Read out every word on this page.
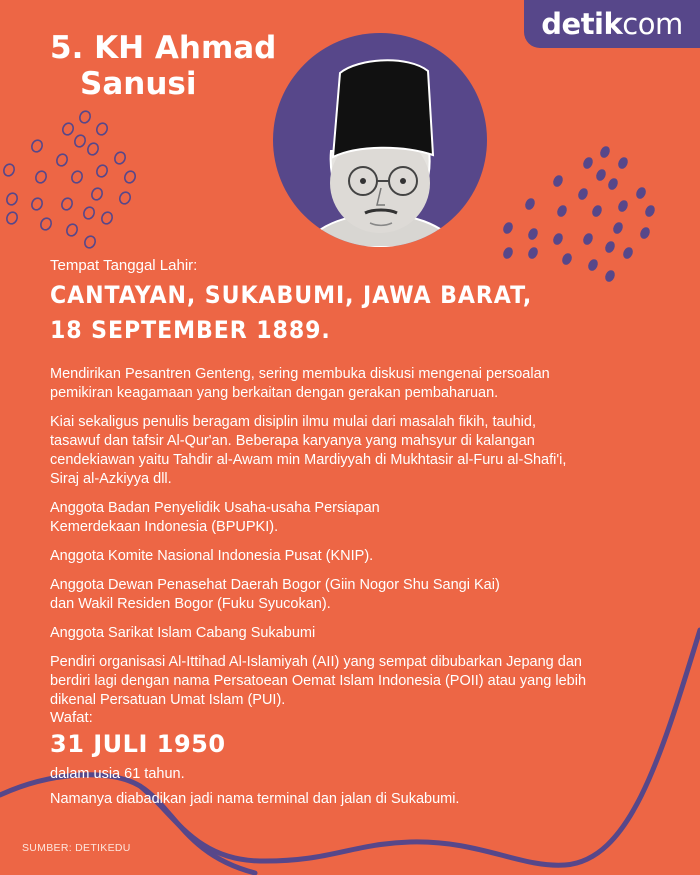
detik com
5. KH Ahmad
Sanusi
Tempat Tanggal Lahir:
CANTAYAN, SUKABUMI, JAWA BARAT,
18 SEPTEMBER 1889.

Mendirikan Pesantren Genteng, sering membuka diskusi mengenai persoalan
pemikiran keagamaan yang berkaitan dengan gerakan pembaharuan.

Kiai sekaligus penulis beragam disiplin ilmu mulai dari masalah fikih, tauhid,
tasawuf dan tafsir Al-Qur'an. Beberapa karyanya yang mahsyur di kalangan
cendekiawan yaitu Tahdir al-Awam min Mardiyyah di Mukhtasir al-Furu al-Shafi'i,
Siraj al-Azkiyya dll.

Anggota Badan Penyelidik Usaha-usaha Persiapan
Kemerdekaan Indonesia (BPUPKI).

Anggota Komite Nasional Indonesia Pusat (KNIP).

Anggota Dewan Penasehat Daerah Bogor (Giin Nogor Shu Sangi Kai)
dan Wakil Residen Bogor (Fuku Syucokan).

Anggota Sarikat Islam Cabang Sukabumi

Pendiri organisasi Al-Ittihad Al-Islamiyah (AII) yang sempat dibubarkan Jepang dan
berdiri lagi dengan nama Persatoean Oemat Islam Indonesia (POII) atau yang lebih
dikenal Persatuan Umat Islam (PUI).

Wafat:
31 JULI 1950
dalam usia 61 tahun.
Namanya diabadikan jadi nama terminal dan jalan di Sukabumi.
SUMBER: DETIKEDU
